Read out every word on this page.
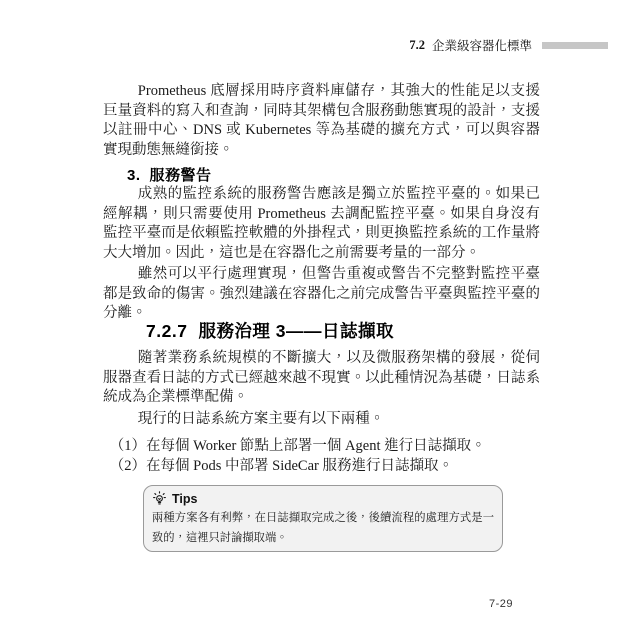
7.2 企業級容器化標準

Prometheus 底層採用時序資料庫儲存，其強大的性能足以支援巨量資料的寫入和查詢，同時其架構包含服務動態實現的設計，支援以註冊中心、DNS 或 Kubernetes 等為基礎的擴充方式，可以與容器實現動態無縫銜接。

3. 服務警告

成熟的監控系統的服務警告應該是獨立於監控平臺的。如果已經解耦，則只需要使用 Prometheus 去調配監控平臺。如果自身沒有監控平臺而是依賴監控軟體的外掛程式，則更換監控系統的工作量將大大增加。因此，這也是在容器化之前需要考量的一部分。

雖然可以平行處理實現，但警告重複或警告不完整對監控平臺都是致命的傷害。強烈建議在容器化之前完成警告平臺與監控平臺的分離。

7.2.7 服務治理 3——日誌擷取

隨著業務系統規模的不斷擴大，以及微服務架構的發展，從伺服器查看日誌的方式已經越來越不現實。以此種情況為基礎，日誌系統成為企業標準配備。

現行的日誌系統方案主要有以下兩種。

（1）在每個 Worker 節點上部署一個 Agent 進行日誌擷取。

（2）在每個 Pods 中部署 SideCar 服務進行日誌擷取。

Tips

兩種方案各有利弊，在日誌擷取完成之後，後續流程的處理方式是一致的，這裡只討論擷取端。

7-29
